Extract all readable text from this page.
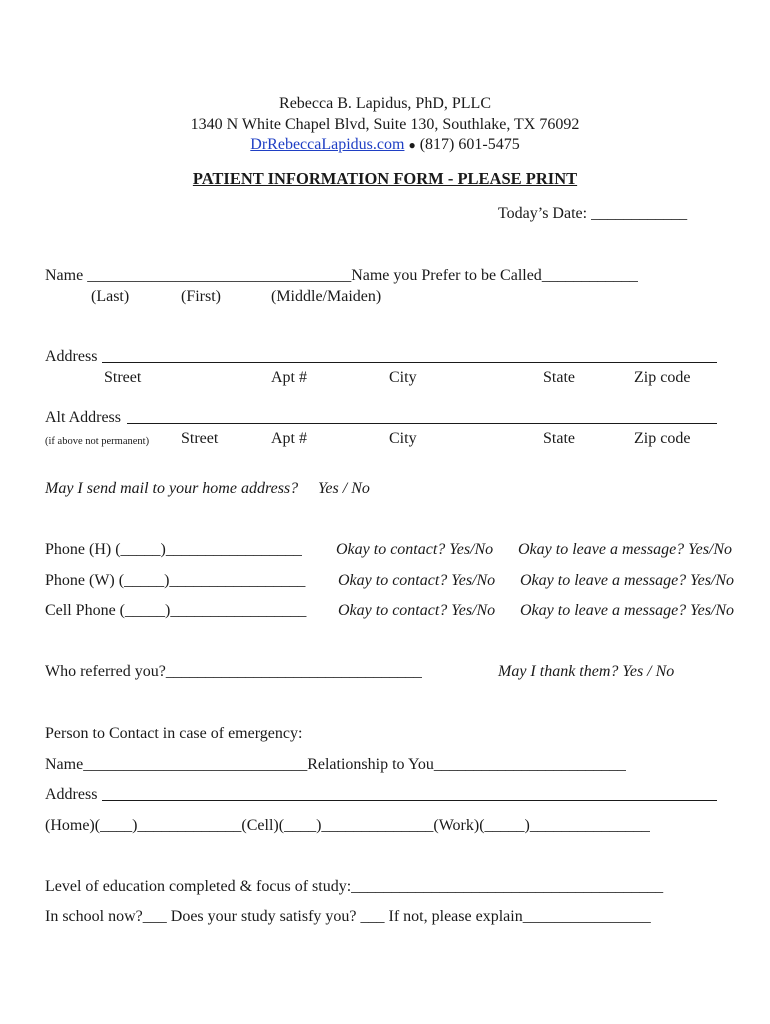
Rebecca B. Lapidus, PhD, PLLC
1340 N White Chapel Blvd, Suite 130, Southlake, TX 76092
DrRebeccaLapidus.com ● (817) 601-5475
PATIENT INFORMATION FORM - PLEASE PRINT
Today’s Date: ____________
Name _________________________________Name you Prefer to be Called____________
(Last)	(First)	(Middle/Maiden)
Address
Street	Apt #	City	State	Zip code
Alt Address
(if above not permanent) Street	Apt #	City	State	Zip code
May I send mail to your home address? Yes / No
Phone (H) (_____)_________________ Okay to contact? Yes/No Okay to leave a message? Yes/No
Phone (W) (_____)_________________ Okay to contact? Yes/No Okay to leave a message? Yes/No
Cell Phone (_____)_________________ Okay to contact? Yes/No Okay to leave a message? Yes/No
Who referred you?________________________________	May I thank them? Yes / No
Person to Contact in case of emergency:
Name____________________________Relationship to You________________________
Address
(Home)(____)_____________(Cell)(____)______________(Work)(_____)_______________
Level of education completed & focus of study:_______________________________________
In school now?___ Does your study satisfy you? ___ If not, please explain________________
